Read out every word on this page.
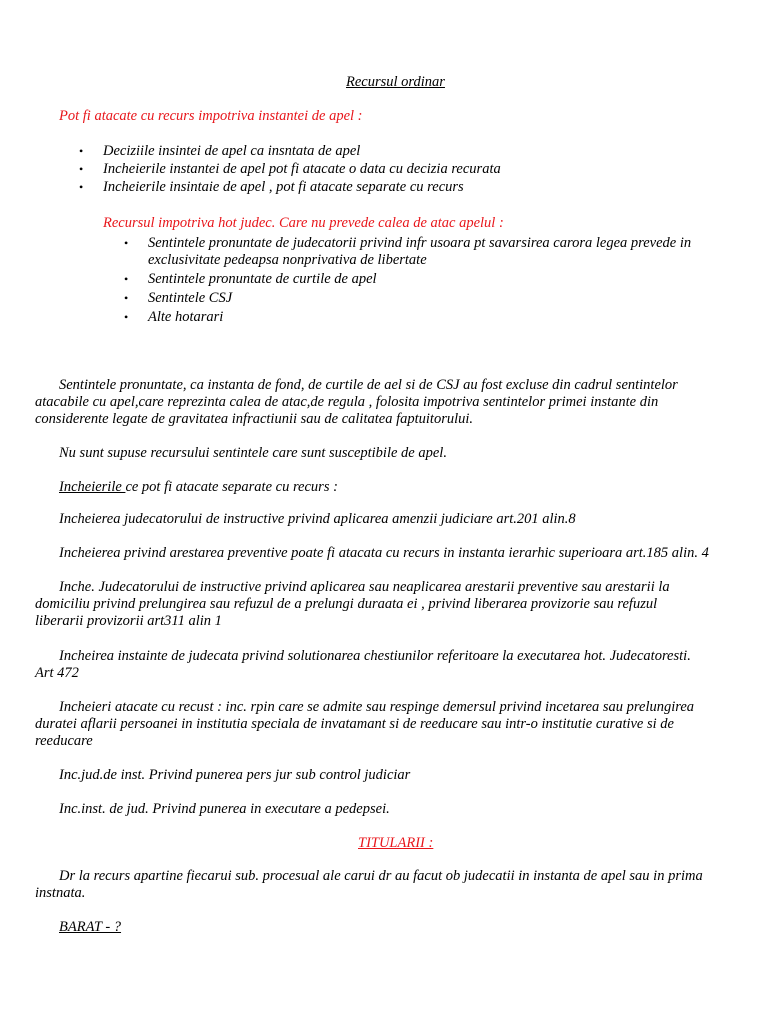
Recursul ordinar
Pot fi atacate cu recurs impotriva instantei de apel :
• Deciziile insintei de apel ca insntata de apel
• Incheierile instantei de apel pot fi atacate o data cu decizia recurata
• Incheierile insintaie de apel , pot fi atacate separate cu recurs
Recursul impotriva hot judec. Care nu prevede calea de atac apelul :
• Sentintele pronuntate de judecatorii privind infr usoara pt savarsirea carora legea prevede in
exclusivitate pedeapsa nonprivativa de libertate
• Sentintele pronuntate de curtile de apel
• Sentintele CSJ
• Alte hotarari
Sentintele pronuntate, ca instanta de fond, de curtile de ael si de CSJ au fost excluse din cadrul sentintelor
atacabile cu apel,care reprezinta calea de atac,de regula , folosita impotriva sentintelor primei instante din
considerente legate de gravitatea infractiunii sau de calitatea faptuitorului.
Nu sunt supuse recursului sentintele care sunt susceptibile de apel.
Incheierile ce pot fi atacate separate cu recurs :
Incheierea judecatorului de instructive privind aplicarea amenzii judiciare art.201 alin.8
Incheierea privind arestarea preventive poate fi atacata cu recurs in instanta ierarhic superioara art.185 alin. 4
Inche. Judecatorului de instructive privind aplicarea sau neaplicarea arestarii preventive sau arestarii la
domiciliu privind prelungirea sau refuzul de a prelungi duraata ei , privind liberarea provizorie sau refuzul
liberarii provizorii art311 alin 1
Incheirea instainte de judecata privind solutionarea chestiunilor referitoare la executarea hot. Judecatoresti.
Art 472
Incheieri atacate cu recust : inc. rpin care se admite sau respinge demersul privind incetarea sau prelungirea
duratei aflarii persoanei in institutia speciala de invatamant si de reeducare sau intr-o institutie curative si de
reeducare
Inc.jud.de inst. Privind punerea pers jur sub control judiciar
Inc.inst. de jud. Privind punerea in executare a pedepsei.
TITULARII :
Dr la recurs apartine fiecarui sub. procesual ale carui dr au facut ob judecatii in instanta de apel sau in prima
instnata.
BARAT - ?
